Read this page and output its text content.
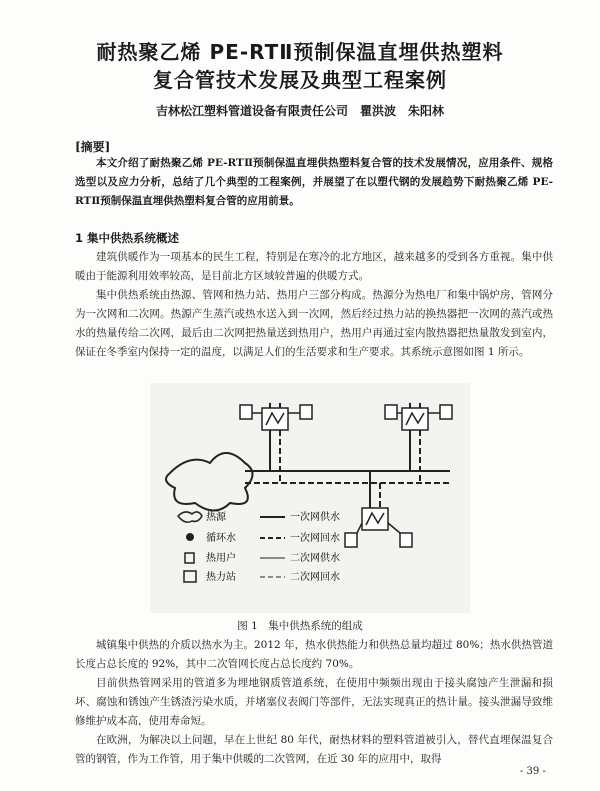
耐热聚乙烯 PE-RTⅡ预制保温直埋供热塑料
复合管技术发展及典型工程案例
吉林松江塑料管道设备有限责任公司　瞿洪波　朱阳林
[摘要]
本文介绍了耐热聚乙烯 PE-RTⅡ预制保温直埋供热塑料复合管的技术发展情况，应用条件、规格选型以及应力分析，总结了几个典型的工程案例，并展望了在以塑代钢的发展趋势下耐热聚乙烯 PE-RTⅡ预制保温直埋供热塑料复合管的应用前景。
1 集中供热系统概述
建筑供暖作为一项基本的民生工程，特别是在寒冷的北方地区，越来越多的受到各方重视。集中供暖由于能源利用效率较高，是目前北方区域较普遍的供暖方式。
集中供热系统由热源、管网和热力站、热用户三部分构成。热源分为热电厂和集中锅炉房，管网分为一次网和二次网。热源产生蒸汽或热水送入到一次网，然后经过热力站的换热器把一次网的蒸汽或热水的热量传给二次网，最后由二次网把热量送到热用户，热用户再通过室内散热器把热量散发到室内，保证在冬季室内保持一定的温度，以满足人们的生活要求和生产要求。其系统示意图如图 1 所示。
热源
循环水
热用户
热力站
一次网供水
一次网回水
二次网供水
二次网回水
图 1　集中供热系统的组成
城镇集中供热的介质以热水为主。2012 年，热水供热能力和供热总量均超过 80%；热水供热管道长度占总长度的 92%，其中二次管网长度占总长度约 70%。
目前供热管网采用的管道多为埋地钢质管道系统，在使用中频频出现由于接头腐蚀产生泄漏和损坏、腐蚀和锈蚀产生锈渣污染水质，并堵塞仪表阀门等部件，无法实现真正的热计量。接头泄漏导致维修维护成本高，使用寿命短。
在欧洲，为解决以上问题，早在上世纪 80 年代，耐热材料的塑料管道被引入，替代直埋保温复合管的钢管，作为工作管，用于集中供暖的二次管网，在近 30 年的应用中，取得
- 39 -
